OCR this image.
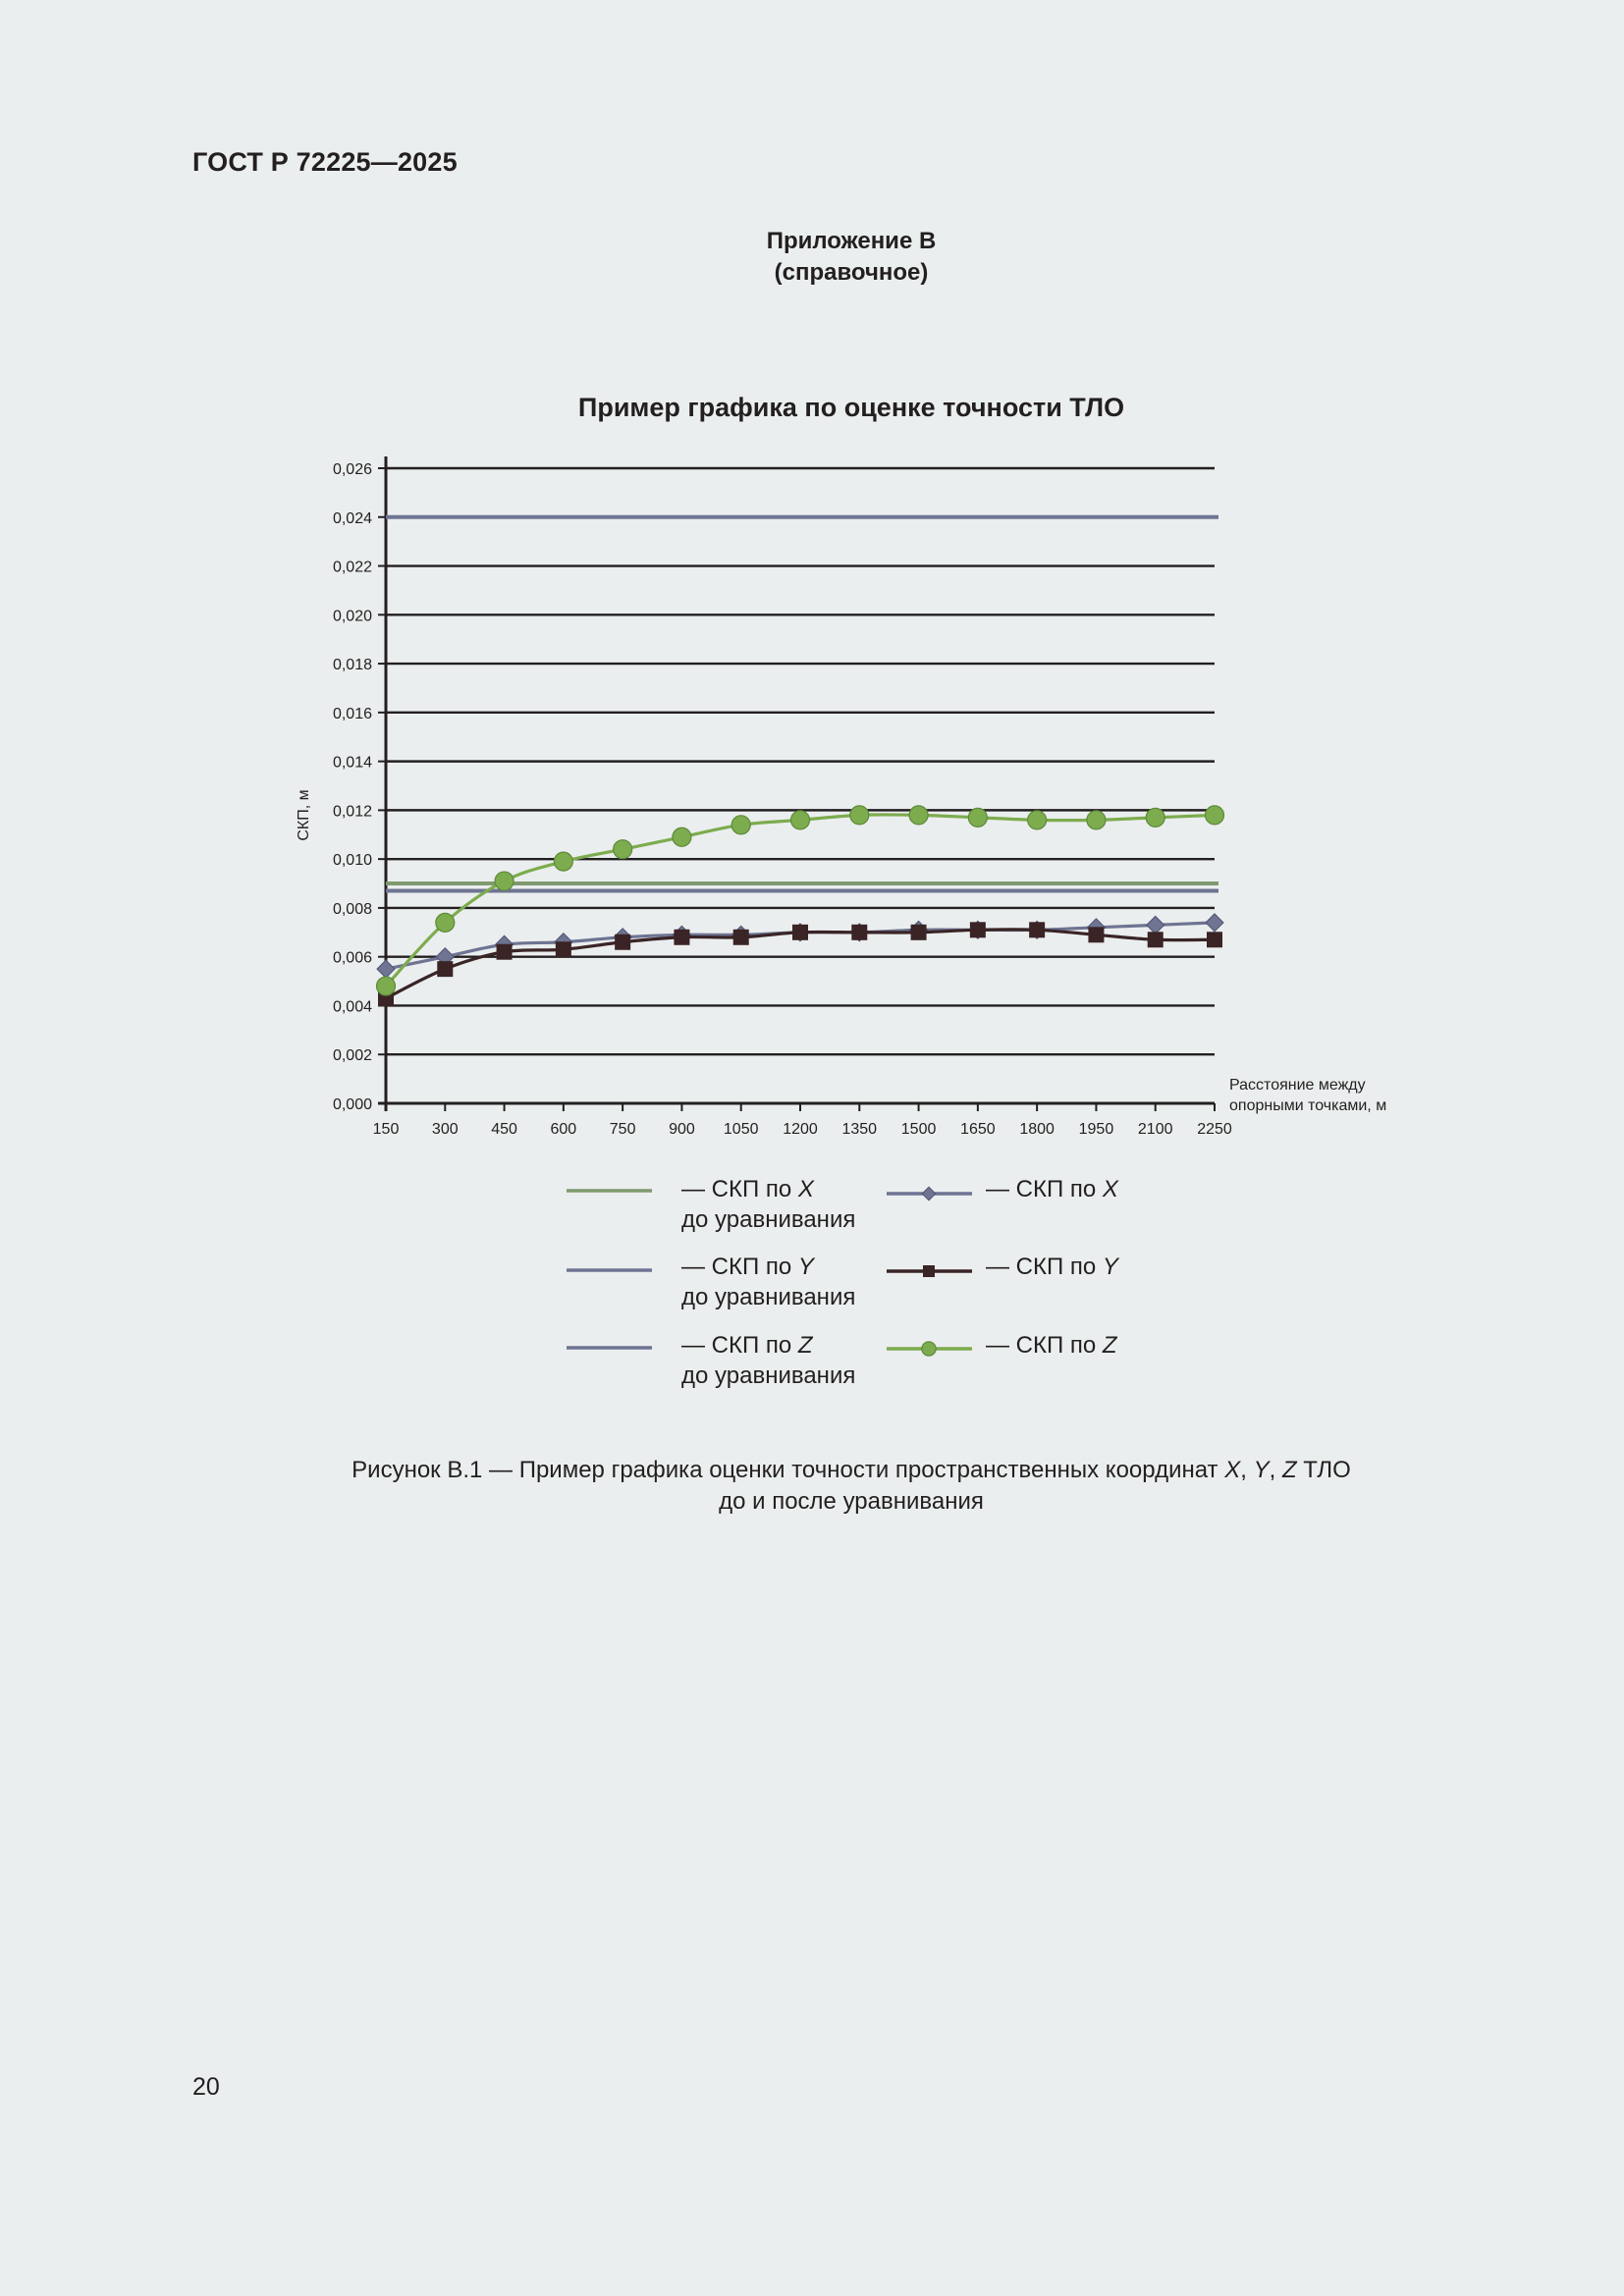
ГОСТ Р 72225—2025
Приложение В
(справочное)
Пример графика по оценке точности ТЛО
0,000
0,002
0,004
0,006
0,008
0,010
0,012
0,014
0,016
0,018
0,020
0,022
0,024
0,026
150 300 450 600 750 900 1050 1200 1350 1500 1650 1800 1950 2100 2250
СКП, м
Расстояние между
опорными точками, м
— СКП по X
до уравнивания
— СКП по X
— СКП по Y
до уравнивания
— СКП по Y
— СКП по Z
до уравнивания
— СКП по Z
Рисунок В.1 — Пример графика оценки точности пространственных координат X, Y, Z ТЛО
до и после уравнивания
20
